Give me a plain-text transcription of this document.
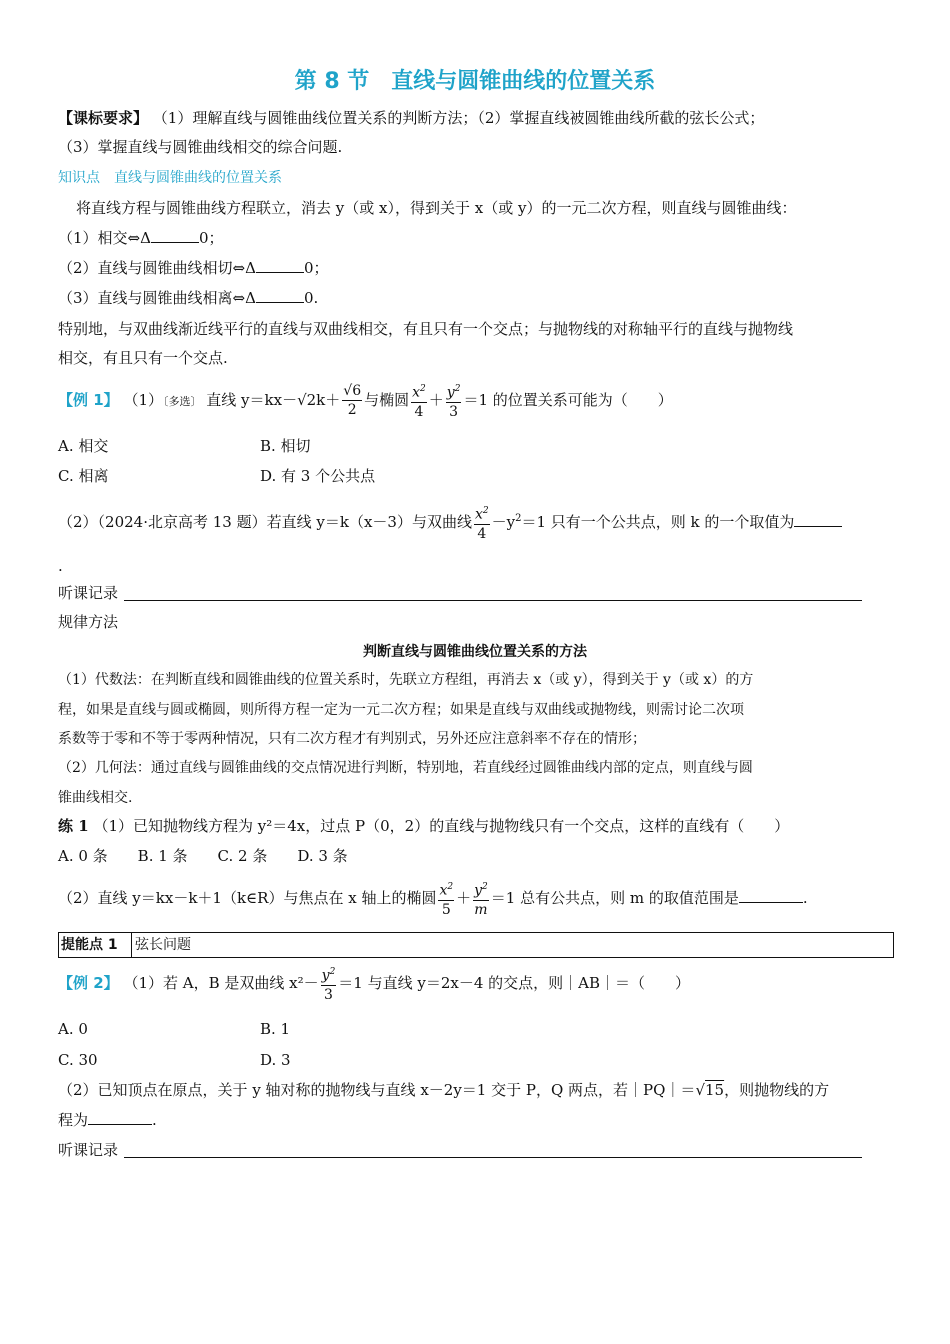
第 8 节　直线与圆锥曲线的位置关系
【课标要求】 （1）理解直线与圆锥曲线位置关系的判断方法；（2）掌握直线被圆锥曲线所截的弦长公式；
（3）掌握直线与圆锥曲线相交的综合问题.
知识点　直线与圆锥曲线的位置关系
将直线方程与圆锥曲线方程联立，消去 y（或 x），得到关于 x（或 y）的一元二次方程，则直线与圆锥曲线：
（1）相交⇔Δ	0；
（2）直线与圆锥曲线相切⇔Δ	0；
（3）直线与圆锥曲线相离⇔Δ	0.
特别地，与双曲线渐近线平行的直线与双曲线相交，有且只有一个交点；与抛物线的对称轴平行的直线与抛物线
相交，有且只有一个交点.
【例 1】 （1）〔多选〕 直线 $y=kx-√2k+ \frac{√6}{2}$ 与椭圆 $\frac{x^2}{4} + \frac{y^2}{3} =1$ 的位置关系可能为（　　）
A. 相交	B. 相切
C. 相离	D. 有 3 个公共点
（2）（2024·北京高考 13 题）若直线 y＝k（x－3）与双曲线 $\frac{x^2}{4} -y^2=1$ 只有一个公共点，则 k 的一个取值为
.
听课记录
规律方法
判断直线与圆锥曲线位置关系的方法
（1）代数法：在判断直线和圆锥曲线的位置关系时，先联立方程组，再消去 x（或 y），得到关于 y（或 x）的方
程，如果是直线与圆或椭圆，则所得方程一定为一元二次方程；如果是直线与双曲线或抛物线，则需讨论二次项
系数等于零和不等于零两种情况，只有二次方程才有判别式，另外还应注意斜率不存在的情形；
（2）几何法：通过直线与圆锥曲线的交点情况进行判断，特别地，若直线经过圆锥曲线内部的定点，则直线与圆
锥曲线相交.
练 1 （1）已知抛物线方程为 y²＝4x，过点 P（0，2）的直线与抛物线只有一个交点，这样的直线有（　　）
A. 0 条　　B. 1 条　　C. 2 条　　D. 3 条
（2）直线 y＝kx－k＋1（k∈R）与焦点在 x 轴上的椭圆 $\frac{x^2}{5} + \frac{y^2}{m} =1$ 总有公共点，则 m 的取值范围是	.
提能点 1	弦长问题
【例 2】 （1）若 A，B 是双曲线 $x^2- \frac{y^2}{3} =1$ 与直线 y＝2x－4 的交点，则｜AB｜＝（　　）
A. 0	B. 1
C. 30	D. 3
（2）已知顶点在原点，关于 y 轴对称的抛物线与直线 x－2y＝1 交于 P，Q 两点，若｜PQ｜＝√15，则抛物线的方
程为	.
听课记录
